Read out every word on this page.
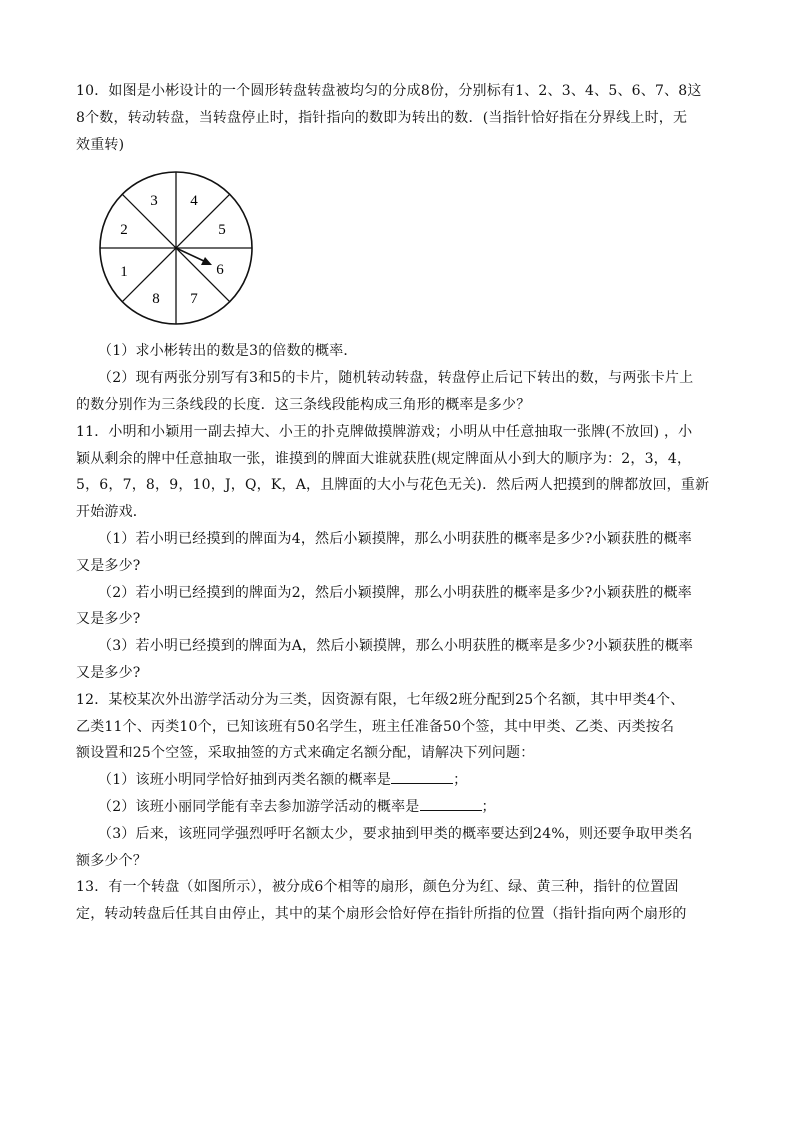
10．如图是小彬设计的一个圆形转盘转盘被均匀的分成8份，分别标有1、2、3、4、5、6、7、8这
8个数，转动转盘，当转盘停止时，指针指向的数即为转出的数．(当指针恰好指在分界线上时，无
效重转)
1
2
3 4
5
6
7
8
（1）求小彬转出的数是3的倍数的概率．
（2）现有两张分别写有3和5的卡片，随机转动转盘，转盘停止后记下转出的数，与两张卡片上
的数分别作为三条线段的长度．这三条线段能构成三角形的概率是多少？
11．小明和小颖用一副去掉大、小王的扑克牌做摸牌游戏；小明从中任意抽取一张牌(不放回) ，小
颖从剩余的牌中任意抽取一张，谁摸到的牌面大谁就获胜(规定牌面从小到大的顺序为：2，3，4，
5，6，7，8，9，10，J，Q，K，A，且牌面的大小与花色无关)．然后两人把摸到的牌都放回，重新
开始游戏．
（1）若小明已经摸到的牌面为4，然后小颖摸牌，那么小明获胜的概率是多少?小颖获胜的概率
又是多少?
（2）若小明已经摸到的牌面为2，然后小颖摸牌，那么小明获胜的概率是多少?小颖获胜的概率
又是多少?
（3）若小明已经摸到的牌面为A，然后小颖摸牌，那么小明获胜的概率是多少?小颖获胜的概率
又是多少?
12．某校某次外出游学活动分为三类，因资源有限，七年级2班分配到25个名额，其中甲类4个、
乙类11个、丙类10个，已知该班有50名学生，班主任准备50个签，其中甲类、乙类、丙类按名
额设置和25个空签，采取抽签的方式来确定名额分配，请解决下列问题：
（1）该班小明同学恰好抽到丙类名额的概率是	；
（2）该班小丽同学能有幸去参加游学活动的概率是	；
（3）后来，该班同学强烈呼吁名额太少，要求抽到甲类的概率要达到24%，则还要争取甲类名
额多少个？
13．有一个转盘（如图所示），被分成6个相等的扇形，颜色分为红、绿、黄三种，指针的位置固
定，转动转盘后任其自由停止，其中的某个扇形会恰好停在指针所指的位置（指针指向两个扇形的
